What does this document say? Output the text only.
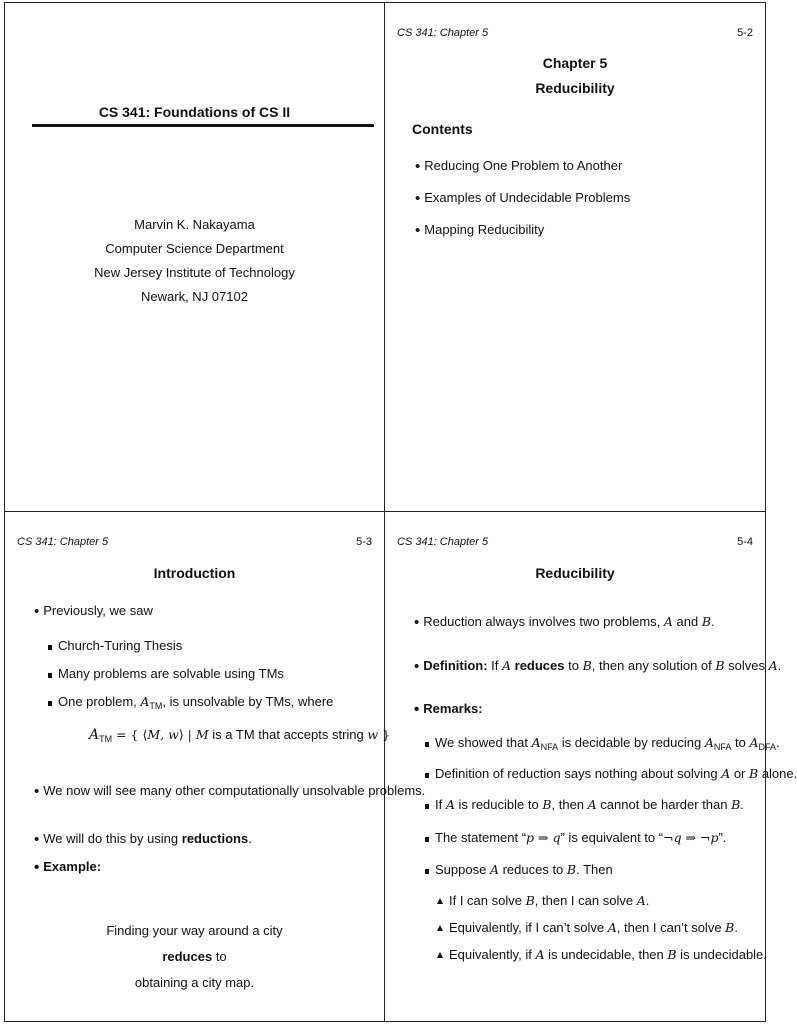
CS 341: Foundations of CS II
Marvin K. Nakayama
Computer Science Department
New Jersey Institute of Technology
Newark, NJ 07102
CS 341: Chapter 5	5-2
Chapter 5
Reducibility
Contents
• Reducing One Problem to Another
• Examples of Undecidable Problems
• Mapping Reducibility
CS 341: Chapter 5	5-3
Introduction
• Previously, we saw
Church-Turing Thesis
Many problems are solvable using TMs
One problem, $A_{TM}$, is unsolvable by TMs, where
$A_{TM}$ = { ⟨M, w⟩ | M is a TM that accepts string w }
• We now will see many other computationally unsolvable problems.
• We will do this by using reductions.
• Example:
Finding your way around a city
reduces to
obtaining a city map.
CS 341: Chapter 5	5-4
Reducibility
• Reduction always involves two problems, A and B.
• Definition: If A reduces to B, then any solution of B solves A.
• Remarks:
We showed that $A_{NFA}$ is decidable by reducing $A_{NFA}$ to $A_{DFA}$.
Definition of reduction says nothing about solving A or B alone.
If A is reducible to B, then A cannot be harder than B.
The statement “p ⇒ q” is equivalent to “¬q ⇒ ¬p”.
Suppose A reduces to B. Then
If I can solve B, then I can solve A.
Equivalently, if I can’t solve A, then I can’t solve B.
Equivalently, if A is undecidable, then B is undecidable.
